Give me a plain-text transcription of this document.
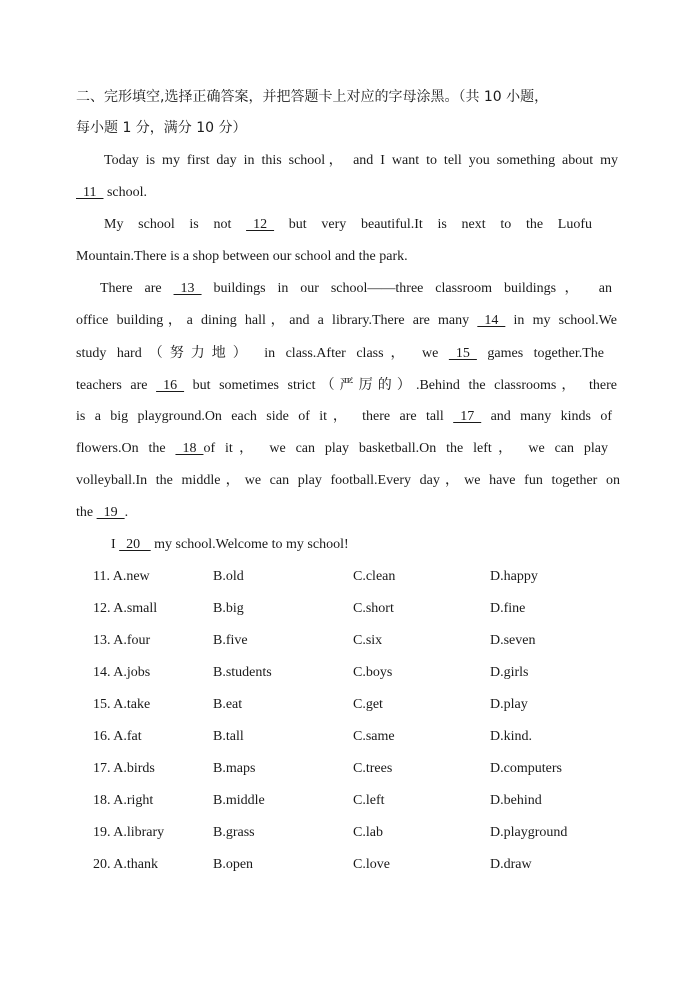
二、完形填空,选择正确答案，并把答题卡上对应的字母涂黑。（共 10 小题，
每小题 1 分，满分 10 分）
Today is my first day in this school， and I want to tell you something about my
11   school.
My school is not   12   but very beautiful.It is next to the Luofu
Mountain.There is a shop between our school and the park.
There are   13   buildings in our school——three classroom buildings， an
office building，a dining hall，and a library.There are many   14   in my school.We
study hard（努力地） in class.After class， we   15   games together.The
teachers are   16   but sometimes strict（严厉的）.Behind the classrooms， there
is a big playground.On each side of it， there are tall   17   and many kinds of
flowers.On the   18  of it， we can play basketball.On the left， we can play
volleyball.In the middle，we can play football.Every day，we have fun together on
the   19  .
I   20    my school.Welcome to my school!
11. A.new	B.old	C.clean	D.happy
12. A.small	B.big	C.short	D.fine
13. A.four	B.five	C.six	D.seven
14. A.jobs	B.students	C.boys	D.girls
15. A.take	B.eat	C.get	D.play
16. A.fat	B.tall	C.same	D.kind.
17. A.birds	B.maps	C.trees	D.computers
18. A.right	B.middle	C.left	D.behind
19. A.library	B.grass	C.lab	D.playground
20. A.thank	B.open	C.love	D.draw
